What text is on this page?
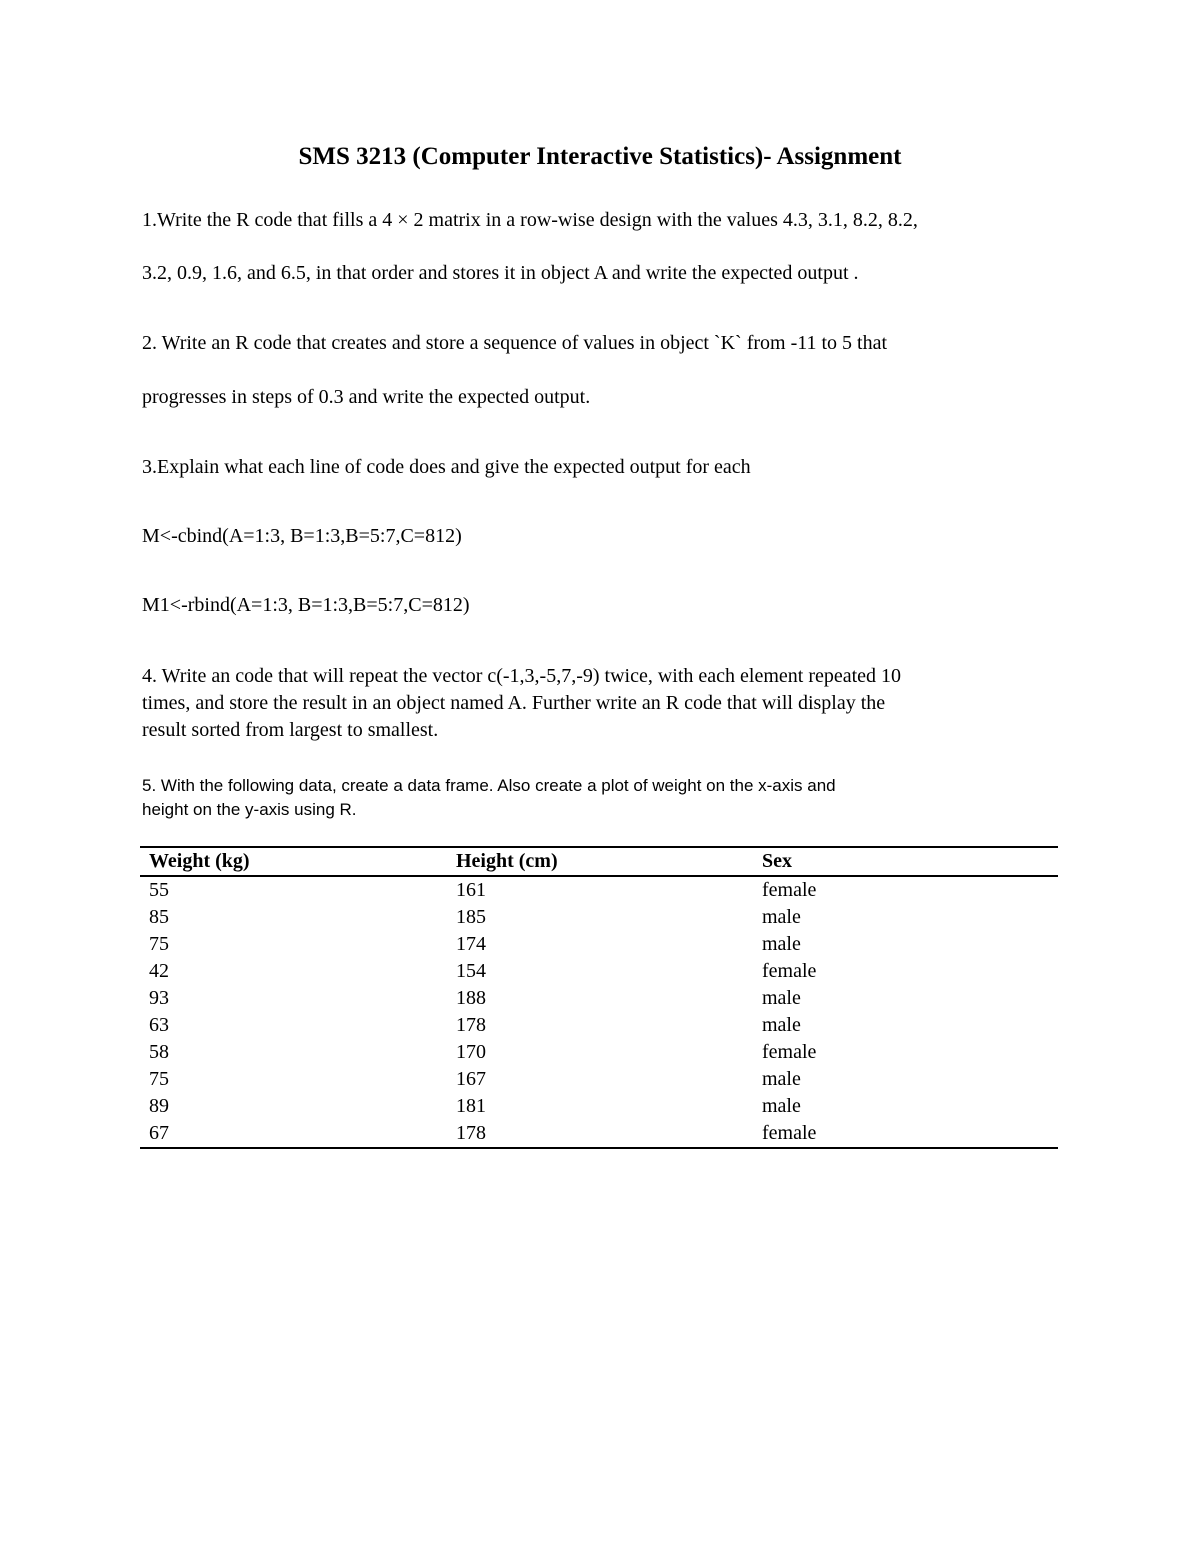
SMS 3213 (Computer Interactive Statistics)- Assignment

1.Write the R code that fills a 4 × 2 matrix in a row-wise design with the values 4.3, 3.1, 8.2, 8.2,

3.2, 0.9, 1.6, and 6.5, in that order and stores it in object A and write the expected output .

2. Write an R code that creates and store a sequence of values in object `K` from -11 to 5 that

progresses in steps of 0.3 and write the expected output.

3.Explain what each line of code does and give the expected output for each

M<-cbind(A=1:3, B=1:3,B=5:7,C=812)

M1<-rbind(A=1:3, B=1:3,B=5:7,C=812)

4. Write an code that will repeat the vector c(-1,3,-5,7,-9) twice, with each element repeated 10

times, and store the result in an object named A. Further write an R code that will display the

result sorted from largest to smallest.

5. With the following data, create a data frame. Also create a plot of weight on the x-axis and

height on the y-axis using R.

Weight (kg)	Height (cm)	Sex
55	161	female
85	185	male
75	174	male
42	154	female
93	188	male
63	178	male
58	170	female
75	167	male
89	181	male
67	178	female
